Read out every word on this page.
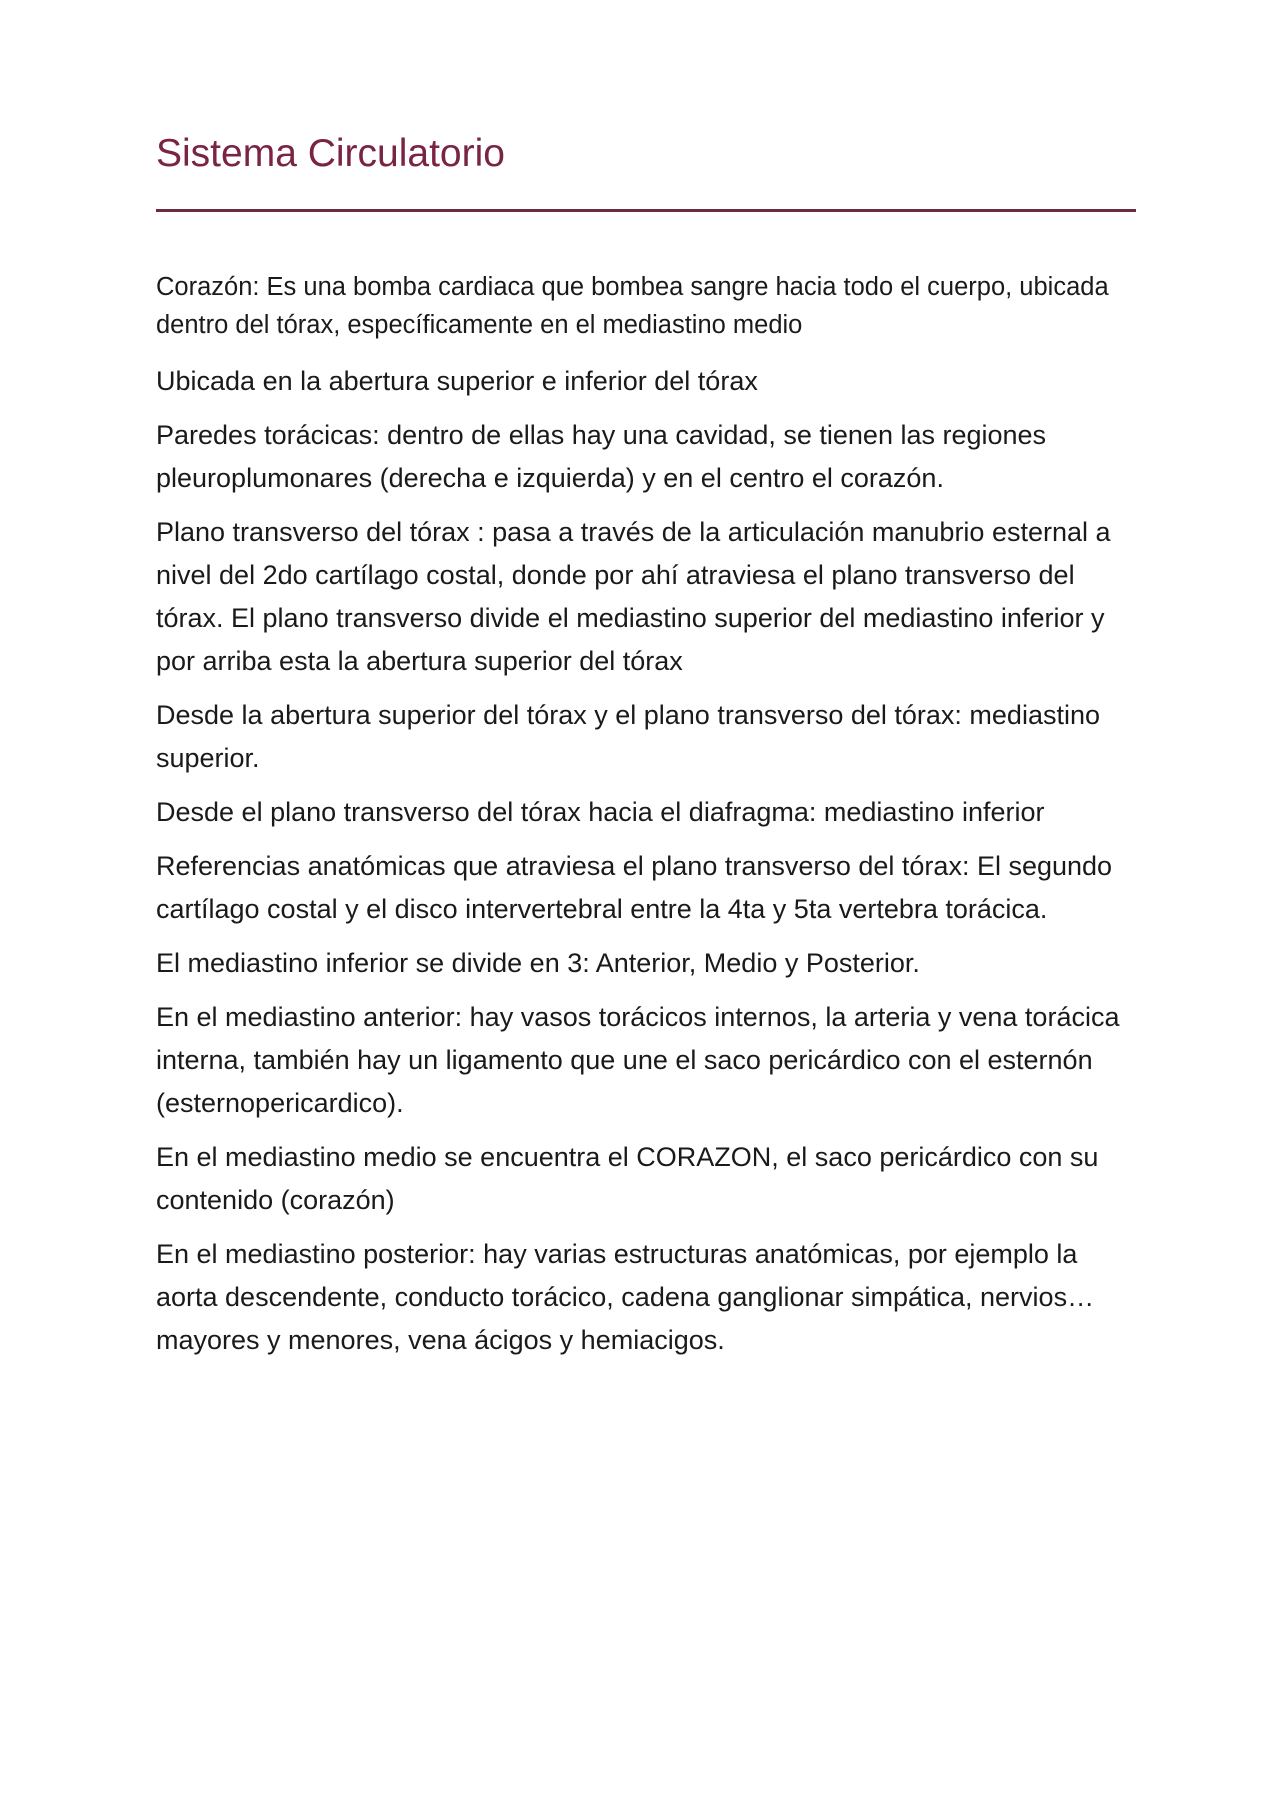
Sistema Circulatorio

Corazón: Es una bomba cardiaca que bombea sangre hacia todo el cuerpo, ubicada dentro del tórax, específicamente en el mediastino medio

Ubicada en la abertura superior e inferior del tórax

Paredes torácicas: dentro de ellas hay una cavidad, se tienen las regiones pleuroplumonares (derecha e izquierda) y en el centro el corazón.

Plano transverso del tórax : pasa a través de la articulación manubrio esternal a nivel del 2do cartílago costal, donde por ahí atraviesa el plano transverso del tórax. El plano transverso divide el mediastino superior del mediastino inferior y por arriba esta la abertura superior del tórax

Desde la abertura superior del tórax y el plano transverso del tórax: mediastino superior.

Desde el plano transverso del tórax hacia el diafragma: mediastino inferior

Referencias anatómicas que atraviesa el plano transverso del tórax: El segundo cartílago costal y el disco intervertebral entre la 4ta y 5ta vertebra torácica.

El mediastino inferior se divide en 3: Anterior, Medio y Posterior.

En el mediastino anterior: hay vasos torácicos internos, la arteria y vena torácica interna, también hay un ligamento que une el saco pericárdico con el esternón (esternopericardico).

En el mediastino medio se encuentra el CORAZON, el saco pericárdico con su contenido (corazón)

En el mediastino posterior: hay varias estructuras anatómicas, por ejemplo la aorta descendente, conducto torácico, cadena ganglionar simpática, nervios… mayores y menores, vena ácigos y hemiacigos.
